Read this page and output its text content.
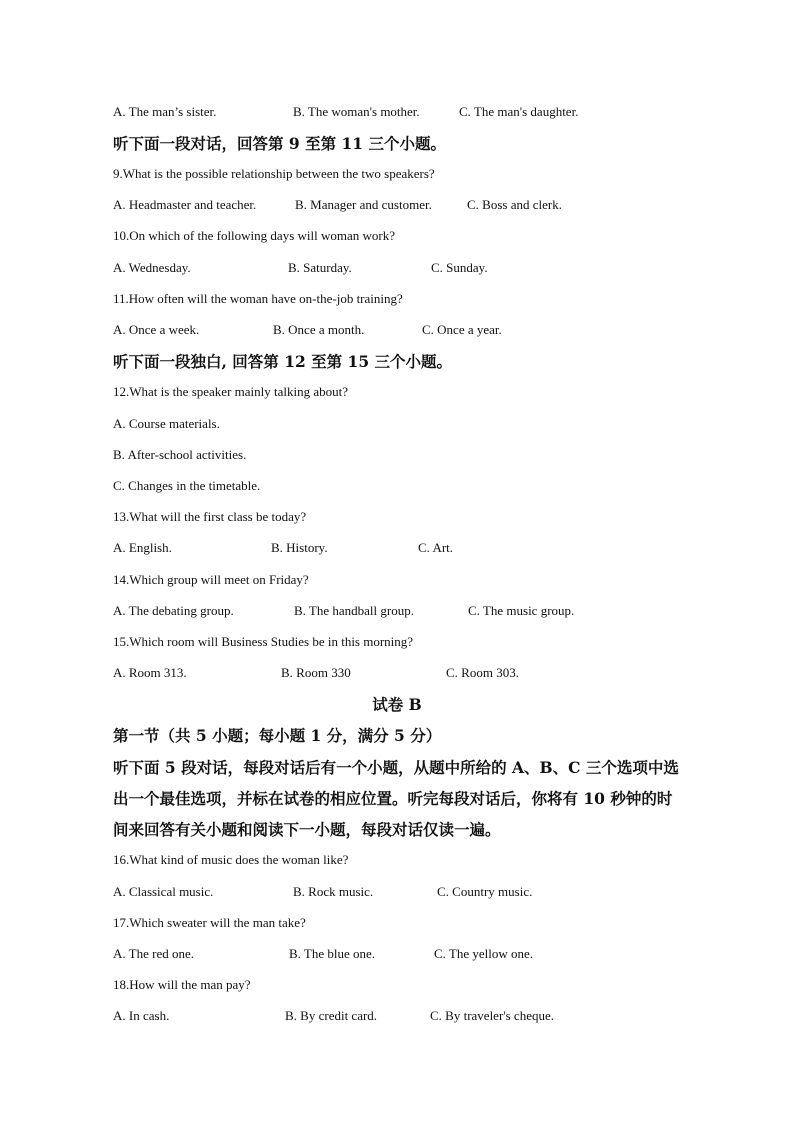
A. The man’s sister.	B. The woman's mother.	C. The man's daughter.
听下面一段对话，回答第 9 至第 11 三个小题。
9.What is the possible relationship between the two speakers?
A. Headmaster and teacher.	B. Manager and customer.	C. Boss and clerk.
10.On which of the following days will woman work?
A. Wednesday.	B. Saturday.	C. Sunday.
11.How often will the woman have on-the-job training?
A. Once a week.	B. Once a month.	C. Once a year.
听下面一段独白, 回答第 12 至第 15 三个小题。
12.What is the speaker mainly talking about?
A. Course materials.
B. After-school activities.
C. Changes in the timetable.
13.What will the first class be today?
A. English.	B. History.	C. Art.
14.Which group will meet on Friday?
A. The debating group.	B. The handball group.	C. The music group.
15.Which room will Business Studies be in this morning?
A. Room 313.	B. Room 330	C. Room 303.
试卷 B
第一节（共 5 小题；每小题 1 分，满分 5 分）
听下面 5 段对话，每段对话后有一个小题，从题中所给的 A、B、C 三个选项中选
出一个最佳选项，并标在试卷的相应位置。听完每段对话后，你将有 10 秒钟的时
间来回答有关小题和阅读下一小题，每段对话仅读一遍。
16.What kind of music does the woman like?
A. Classical music.	B. Rock music.	C. Country music.
17.Which sweater will the man take?
A. The red one.	B. The blue one.	C. The yellow one.
18.How will the man pay?
A. In cash.	B. By credit card.	C. By traveler's cheque.
